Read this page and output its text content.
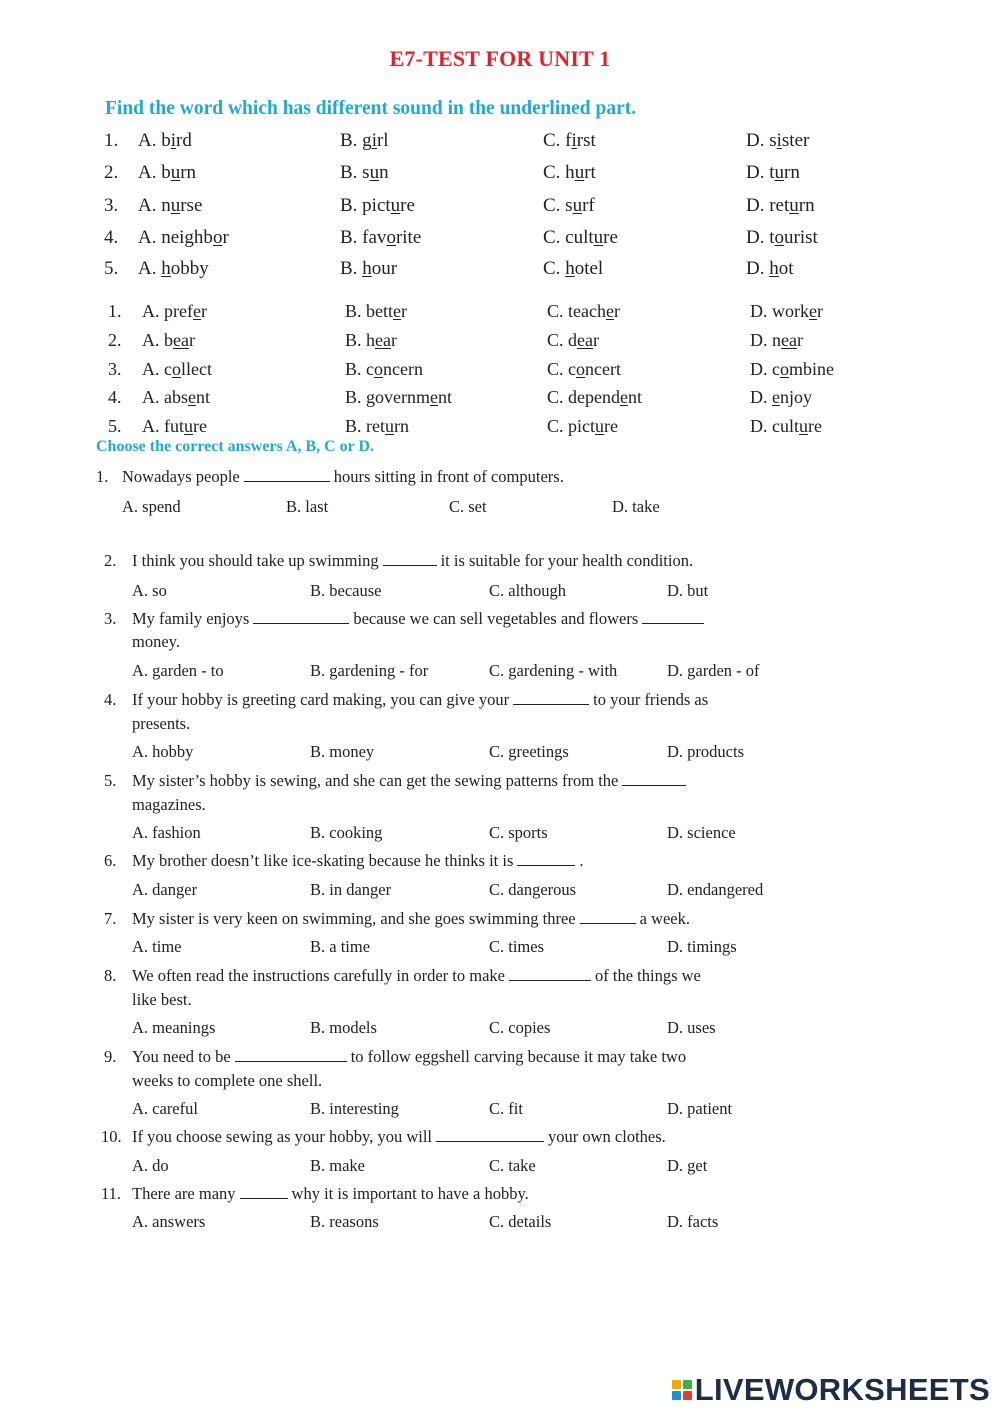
E7-TEST FOR UNIT 1
Find the word which has different sound in the underlined part.
1. A. bird	B. girl	C. first	D. sister
2. A. burn	B. sun	C. hurt	D. turn
3. A. nurse	B. picture	C. surf	D. return
4. A. neighbor	B. favorite	C. culture	D. tourist
5. A. hobby	B. hour	C. hotel	D. hot
1. A. prefer	B. better	C. teacher	D. worker
2. A. bear	B. hear	C. dear	D. near
3. A. collect	B. concern	C. concert	D. combine
4. A. absent	B. government	C. dependent	D. enjoy
5. A. future	B. return	C. picture	D. culture
Choose the correct answers A, B, C or D.
1. Nowadays people	hours sitting in front of computers.
A. spend	B. last	C. set	D. take
2. I think you should take up swimming	it is suitable for your health condition.
A. so	B. because	C. although	D. but
3. My family enjoys	because we can sell vegetables and flowers
money.
A. garden - to	B. gardening - for	C. gardening - with	D. garden - of
4. If your hobby is greeting card making, you can give your	to your friends as
presents.
A. hobby	B. money	C. greetings	D. products
5. My sister’s hobby is sewing, and she can get the sewing patterns from the
magazines.
A. fashion	B. cooking	C. sports	D. science
6. My brother doesn’t like ice-skating because he thinks it is	.
A. danger	B. in danger	C. dangerous	D. endangered
7. My sister is very keen on swimming, and she goes swimming three	a week.
A. time	B. a time	C. times	D. timings
8. We often read the instructions carefully in order to make	of the things we
like best.
A. meanings	B. models	C. copies	D. uses
9. You need to be	to follow eggshell carving because it may take two
weeks to complete one shell.
A. careful	B. interesting	C. fit	D. patient
10. If you choose sewing as your hobby, you will	your own clothes.
A. do	B. make	C. take	D. get
11. There are many	why it is important to have a hobby.
A. answers	B. reasons	C. details	D. facts
LIVEWORKSHEETS
